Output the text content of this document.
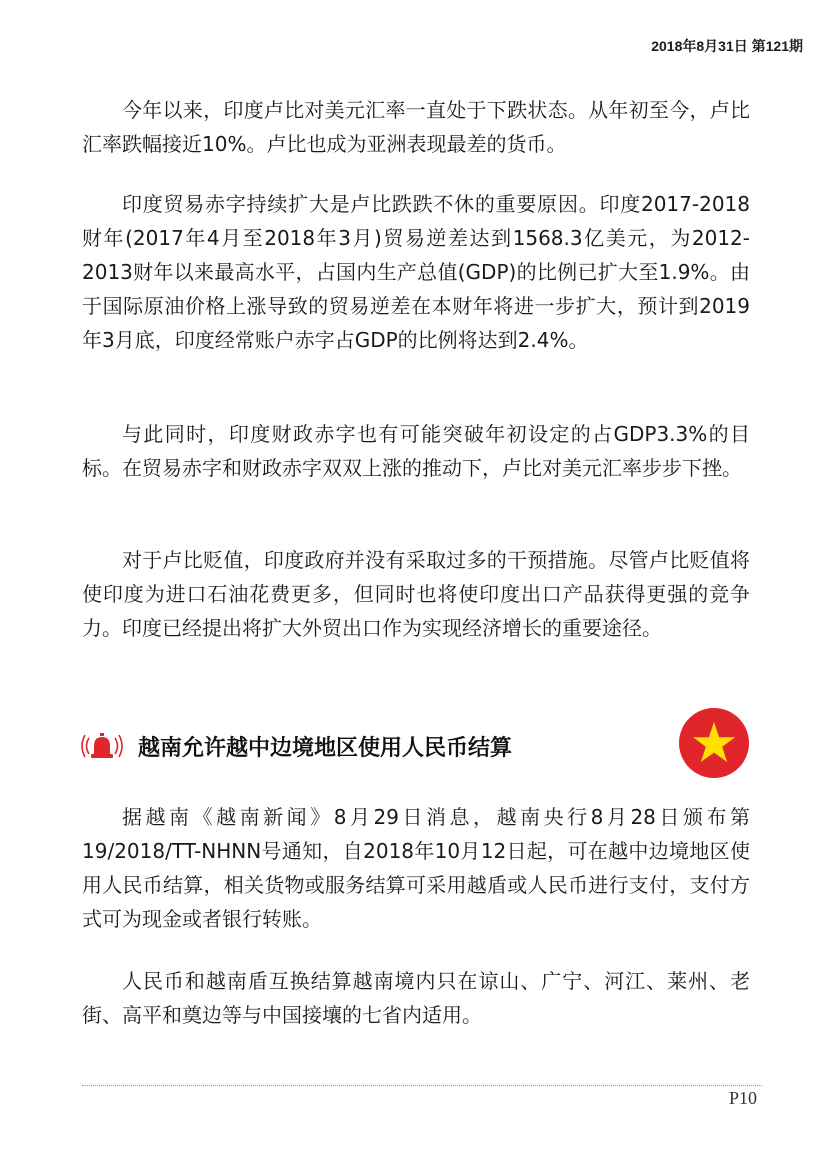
2018年8月31日 第121期

今年以来，印度卢比对美元汇率一直处于下跌状态。从年初至今，卢比汇率跌幅接近10%。卢比也成为亚洲表现最差的货币。

印度贸易赤字持续扩大是卢比跌跌不休的重要原因。印度2017-2018财年(2017年4月至2018年3月)贸易逆差达到1568.3亿美元，为2012-2013财年以来最高水平，占国内生产总值(GDP)的比例已扩大至1.9%。由于国际原油价格上涨导致的贸易逆差在本财年将进一步扩大，预计到2019年3月底，印度经常账户赤字占GDP的比例将达到2.4%。

与此同时，印度财政赤字也有可能突破年初设定的占GDP3.3%的目标。在贸易赤字和财政赤字双双上涨的推动下，卢比对美元汇率步步下挫。

对于卢比贬值，印度政府并没有采取过多的干预措施。尽管卢比贬值将使印度为进口石油花费更多，但同时也将使印度出口产品获得更强的竞争力。印度已经提出将扩大外贸出口作为实现经济增长的重要途径。

越南允许越中边境地区使用人民币结算

据越南《越南新闻》8月29日消息，越南央行8月28日颁布第19/2018/TT-NHNN号通知，自2018年10月12日起，可在越中边境地区使用人民币结算，相关货物或服务结算可采用越盾或人民币进行支付，支付方式可为现金或者银行转账。

人民币和越南盾互换结算越南境内只在谅山、广宁、河江、莱州、老街、高平和奠边等与中国接壤的七省内适用。

P10
